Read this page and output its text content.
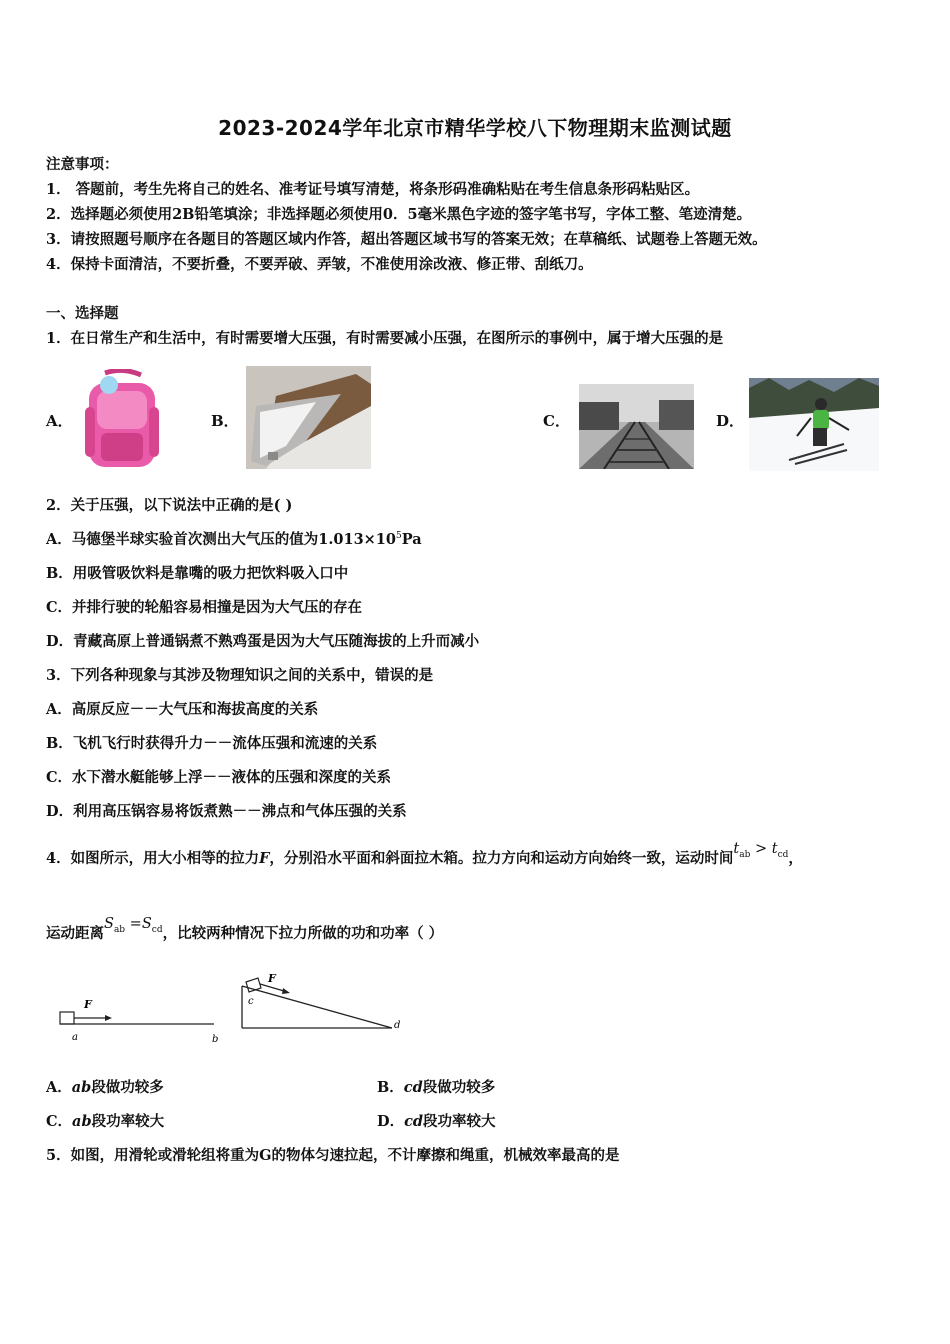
2023-2024学年北京市精华学校八下物理期末监测试题
注意事项：
1． 答题前，考生先将自己的姓名、准考证号填写清楚，将条形码准确粘贴在考生信息条形码粘贴区。
2．选择题必须使用2B铅笔填涂；非选择题必须使用0．5毫米黑色字迹的签字笔书写，字体工整、笔迹清楚。
3．请按照题号顺序在各题目的答题区域内作答，超出答题区域书写的答案无效；在草稿纸、试题卷上答题无效。
4．保持卡面清洁，不要折叠，不要弄破、弄皱，不准使用涂改液、修正带、刮纸刀。
一、选择题
1．在日常生产和生活中，有时需要增大压强，有时需要减小压强，在图所示的事例中，属于增大压强的是
A．	B．	C．	D．
2．关于压强，以下说法中正确的是( )
A．马德堡半球实验首次测出大气压的值为$1.013\times 10^5Pa$
B．用吸管吸饮料是靠嘴的吸力把饮料吸入口中
C．并排行驶的轮船容易相撞是因为大气压的存在
D．青藏高原上普通锅煮不熟鸡蛋是因为大气压随海拔的上升而减小
3．下列各种现象与其涉及物理知识之间的关系中，错误的是
A．高原反应－－大气压和海拔高度的关系
B．飞机飞行时获得升力－－流体压强和流速的关系
C．水下潜水艇能够上浮－－液体的压强和深度的关系
D．利用高压锅容易将饭煮熟－－沸点和气体压强的关系
4．如图所示，用大小相等的拉力F，分别沿水平面和斜面拉木箱。拉力方向和运动方向始终一致，运动时间$t_{ab} > t_{cd}$，
运动距离$S_{ab} =S_{cd}$，比较两种情况下拉力所做的功和功率（ ）
F
a	b
F
c
d
A．ab段做功较多	B．cd段做功较多
C．ab段功率较大	D．cd段功率较大
5．如图，用滑轮或滑轮组将重为G的物体匀速拉起，不计摩擦和绳重，机械效率最高的是
